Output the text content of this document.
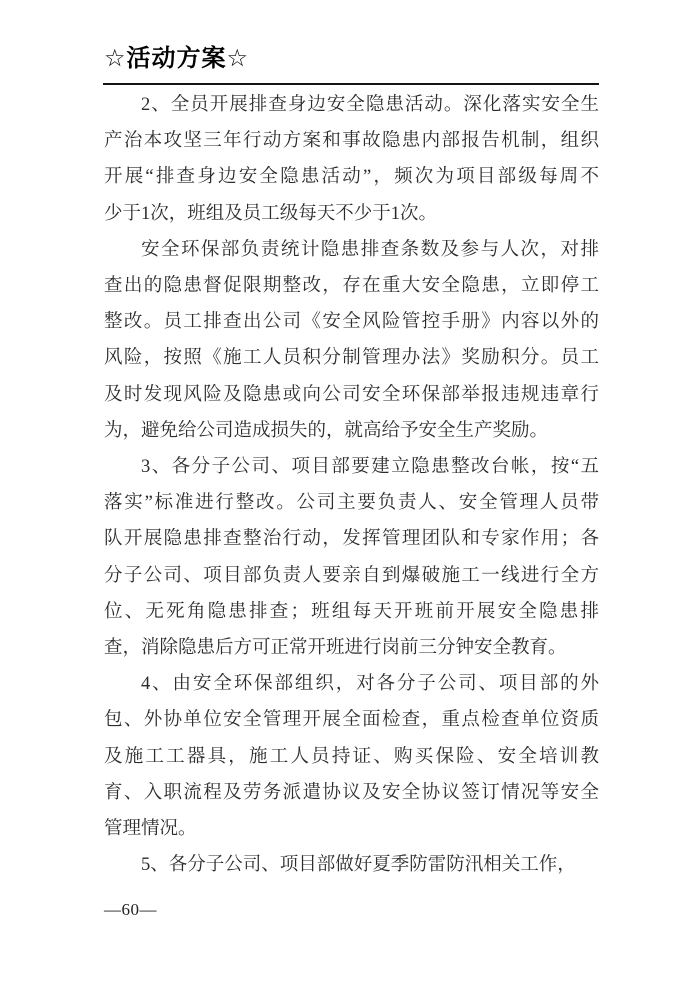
☆活动方案☆

2、全员开展排查身边安全隐患活动。深化落实安全生
产治本攻坚三年行动方案和事故隐患内部报告机制，组织
开展“排查身边安全隐患活动”，频次为项目部级每周不
少于1次，班组及员工级每天不少于1次。

安全环保部负责统计隐患排查条数及参与人次，对排
查出的隐患督促限期整改，存在重大安全隐患，立即停工
整改。员工排查出公司《安全风险管控手册》内容以外的
风险，按照《施工人员积分制管理办法》奖励积分。员工
及时发现风险及隐患或向公司安全环保部举报违规违章行
为，避免给公司造成损失的，就高给予安全生产奖励。

3、各分子公司、项目部要建立隐患整改台帐，按“五
落实”标准进行整改。公司主要负责人、安全管理人员带
队开展隐患排查整治行动，发挥管理团队和专家作用；各
分子公司、项目部负责人要亲自到爆破施工一线进行全方
位、无死角隐患排查；班组每天开班前开展安全隐患排
查，消除隐患后方可正常开班进行岗前三分钟安全教育。

4、由安全环保部组织，对各分子公司、项目部的外
包、外协单位安全管理开展全面检查，重点检查单位资质
及施工工器具，施工人员持证、购买保险、安全培训教
育、入职流程及劳务派遣协议及安全协议签订情况等安全
管理情况。

5、各分子公司、项目部做好夏季防雷防汛相关工作，

—60—
